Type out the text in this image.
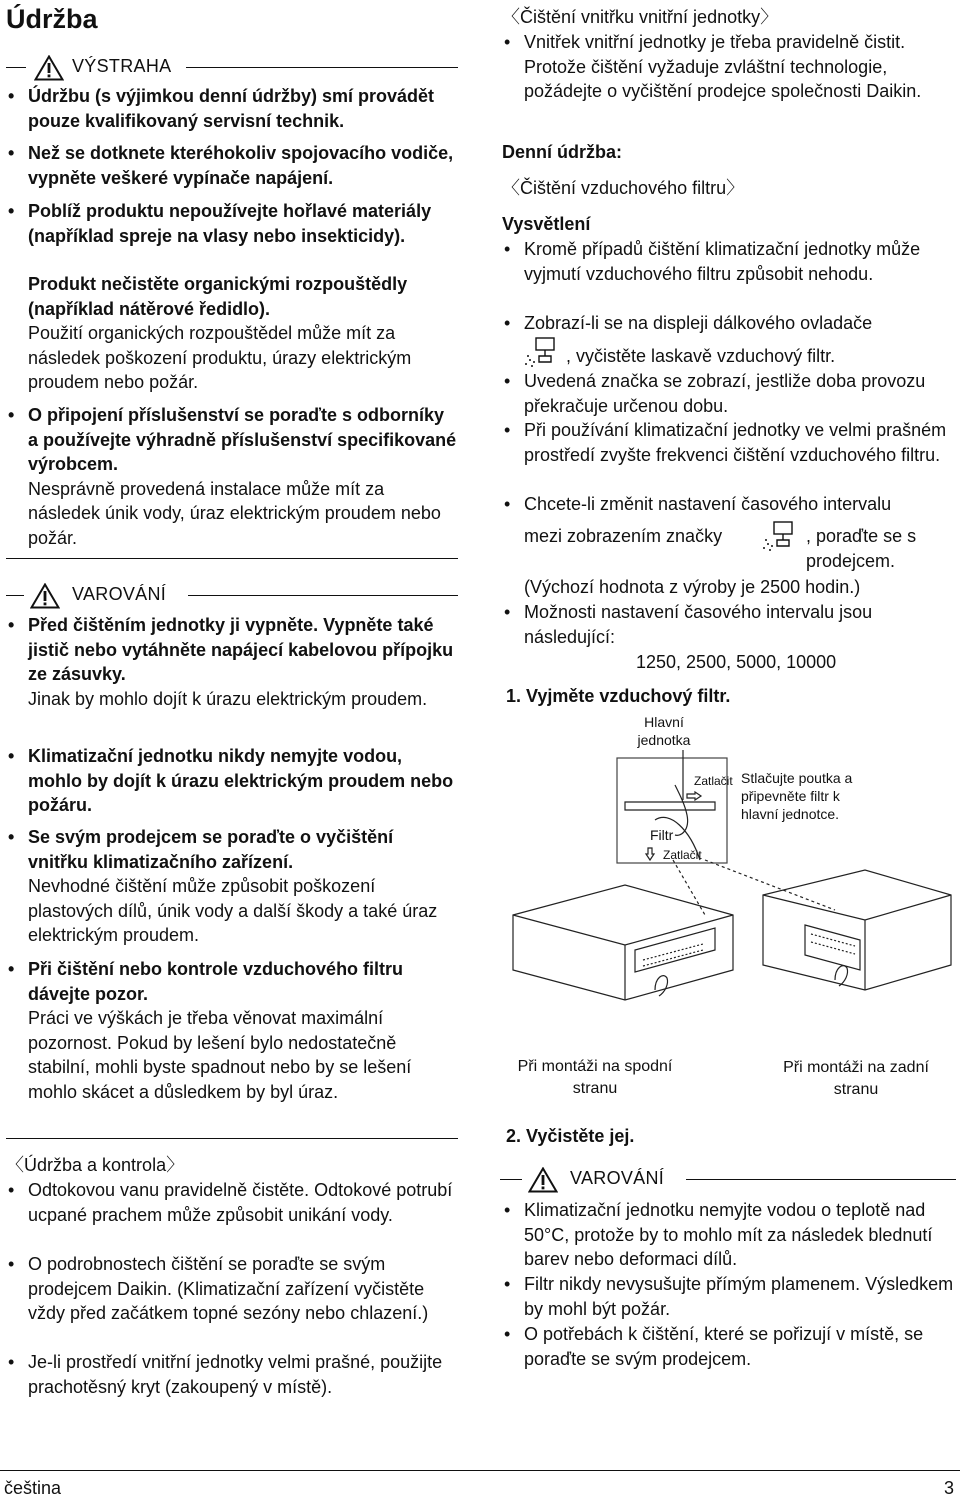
Údržba
VÝSTRAHA
• Údržbu (s výjimkou denní údržby) smí provádět pouze kvalifikovaný servisní technik.
• Než se dotknete kteréhokoliv spojovacího vodiče, vypněte veškeré vypínače napájení.
• Poblíž produktu nepoužívejte hořlavé materiály (například spreje na vlasy nebo insekticidy).
Produkt nečistěte organickými rozpouštědly (například nátěrové ředidlo).
Použití organických rozpouštědel může mít za následek poškození produktu, úrazy elektrickým proudem nebo požár.
• O připojení příslušenství se poraďte s odborníky a používejte výhradně příslušenství specifikované výrobcem.
Nesprávně provedená instalace může mít za následek únik vody, úraz elektrickým proudem nebo požár.
VAROVÁNÍ
• Před čištěním jednotky ji vypněte. Vypněte také jistič nebo vytáhněte napájecí kabelovou přípojku ze zásuvky.
Jinak by mohlo dojít k úrazu elektrickým proudem.
• Klimatizační jednotku nikdy nemyjte vodou, mohlo by dojít k úrazu elektrickým proudem nebo požáru.
• Se svým prodejcem se poraďte o vyčištění vnitřku klimatizačního zařízení.
Nevhodné čištění může způsobit poškození plastových dílů, únik vody a další škody a také úraz elektrickým proudem.
• Při čištění nebo kontrole vzduchového filtru dávejte pozor.
Práci ve výškách je třeba věnovat maximální pozornost. Pokud by lešení bylo nedostatečně stabilní, mohli byste spadnout nebo by se lešení mohlo skácet a důsledkem by byl úraz.
〈Údržba a kontrola〉
• Odtokovou vanu pravidelně čistěte. Odtokové potrubí ucpané prachem může způsobit unikání vody.
• O podrobnostech čištění se poraďte se svým prodejcem Daikin. (Klimatizační zařízení vyčistěte vždy před začátkem topné sezóny nebo chlazení.)
• Je-li prostředí vnitřní jednotky velmi prašné, použijte prachotěsný kryt (zakoupený v místě).
〈Čištění vnitřku vnitřní jednotky〉
• Vnitřek vnitřní jednotky je třeba pravidelně čistit. Protože čištění vyžaduje zvláštní technologie, požádejte o vyčištění prodejce společnosti Daikin.
Denní údržba:
〈Čištění vzduchového filtru〉
Vysvětlení
• Kromě případů čištění klimatizační jednotky může vyjmutí vzduchového filtru způsobit nehodu.
• Zobrazí-li se na displeji dálkového ovladače
, vyčistěte laskavě vzduchový filtr.
• Uvedená značka se zobrazí, jestliže doba provozu překračuje určenou dobu.
• Při používání klimatizační jednotky ve velmi prašném prostředí zvyšte frekvenci čištění vzduchového filtru.
• Chcete-li změnit nastavení časového intervalu
mezi zobrazením značky	, poraďte se s prodejcem.
(Výchozí hodnota z výroby je 2500 hodin.)
• Možnosti nastavení časového intervalu jsou následující:
1250, 2500, 5000, 10000
1. Vyjměte vzduchový filtr.
Hlavní jednotka
Zatlačit Stlačujte poutka a připevněte filtr k hlavní jednotce.
Filtr
Zatlačit
Při montáži na spodní stranu
Při montáži na zadní stranu
2. Vyčistěte jej.
VAROVÁNÍ
• Klimatizační jednotku nemyjte vodou o teplotě nad 50°C, protože by to mohlo mít za následek blednutí barev nebo deformaci dílů.
• Filtr nikdy nevysušujte přímým plamenem. Výsledkem by mohl být požár.
• O potřebách k čištění, které se pořizují v místě, se poraďte se svým prodejcem.
čeština	3
